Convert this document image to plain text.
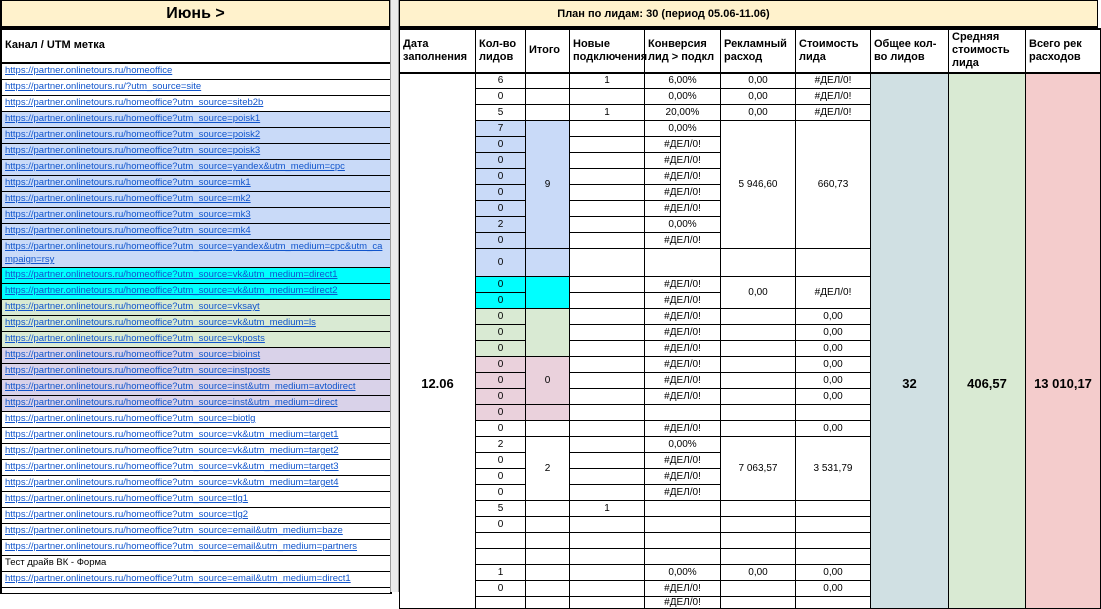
Июнь >
Канал / UTM метка
https://partner.onlinetours.ru/homeoffice
https://partner.onlinetours.ru/?utm_source=site
https://partner.onlinetours.ru/homeoffice?utm_source=siteb2b
https://partner.onlinetours.ru/homeoffice?utm_source=poisk1
https://partner.onlinetours.ru/homeoffice?utm_source=poisk2
https://partner.onlinetours.ru/homeoffice?utm_source=poisk3
https://partner.onlinetours.ru/homeoffice?utm_source=yandex&utm_medium=cpc
https://partner.onlinetours.ru/homeoffice?utm_source=mk1
https://partner.onlinetours.ru/homeoffice?utm_source=mk2
https://partner.onlinetours.ru/homeoffice?utm_source=mk3
https://partner.onlinetours.ru/homeoffice?utm_source=mk4
https://partner.onlinetours.ru/homeoffice?utm_source=yandex&utm_medium=cpc&utm_campaign=rsy
https://partner.onlinetours.ru/homeoffice?utm_source=vk&utm_medium=direct1
https://partner.onlinetours.ru/homeoffice?utm_source=vk&utm_medium=direct2
https://partner.onlinetours.ru/homeoffice?utm_source=vksayt
https://partner.onlinetours.ru/homeoffice?utm_source=vk&utm_medium=ls
https://partner.onlinetours.ru/homeoffice?utm_source=vkposts
https://partner.onlinetours.ru/homeoffice?utm_source=bioinst
https://partner.onlinetours.ru/homeoffice?utm_source=instposts
https://partner.onlinetours.ru/homeoffice?utm_source=inst&utm_medium=avtodirect
https://partner.onlinetours.ru/homeoffice?utm_source=inst&utm_medium=direct
https://partner.onlinetours.ru/homeoffice?utm_source=biotlg
https://partner.onlinetours.ru/homeoffice?utm_source=vk&utm_medium=target1
https://partner.onlinetours.ru/homeoffice?utm_source=vk&utm_medium=target2
https://partner.onlinetours.ru/homeoffice?utm_source=vk&utm_medium=target3
https://partner.onlinetours.ru/homeoffice?utm_source=vk&utm_medium=target4
https://partner.onlinetours.ru/homeoffice?utm_source=tlg1
https://partner.onlinetours.ru/homeoffice?utm_source=tlg2
https://partner.onlinetours.ru/homeoffice?utm_source=email&utm_medium=baze
https://partner.onlinetours.ru/homeoffice?utm_source=email&utm_medium=partners
Тест драйв ВК - Форма
https://partner.onlinetours.ru/homeoffice?utm_source=email&utm_medium=direct1

План по лидам: 30 (период 05.06-11.06)
Дата заполнения	Кол-во лидов	Итого	Новые подключения	Конверсия лид > подкл	Рекламный расход	Стоимость лида	Общее кол-во лидов	Средняя стоимость лида	Всего рек расходов

12.06	6		1	6,00%	0,00	#ДЕЛ/0!	32	406,57	13 010,17

	0			0,00%	0,00	#ДЕЛ/0!			
	5		1	20,00%	0,00	#ДЕЛ/0!			
	7	9		0,00%	5 946,60	660,73			
	0			#ДЕЛ/0!					
	0			#ДЕЛ/0!					
	0			#ДЕЛ/0!					
	0			#ДЕЛ/0!					
	0			#ДЕЛ/0!					
	2			0,00%					
	0			#ДЕЛ/0!					
	0								
	0			#ДЕЛ/0!	0,00	#ДЕЛ/0!			
	0			#ДЕЛ/0!					
	0			#ДЕЛ/0!		0,00			
	0			#ДЕЛ/0!		0,00			
	0			#ДЕЛ/0!		0,00			
	0	0		#ДЕЛ/0!		0,00			
	0			#ДЕЛ/0!		0,00			
	0			#ДЕЛ/0!		0,00			
	0								
	0			#ДЕЛ/0!		0,00			
	2	2		0,00%	7 063,57	3 531,79			
	0			#ДЕЛ/0!					
	0			#ДЕЛ/0!					
	0			#ДЕЛ/0!					
	5		1						
	0								

	1			0,00%	0,00	0,00			
	0			#ДЕЛ/0!		0,00			
				#ДЕЛ/0!					
